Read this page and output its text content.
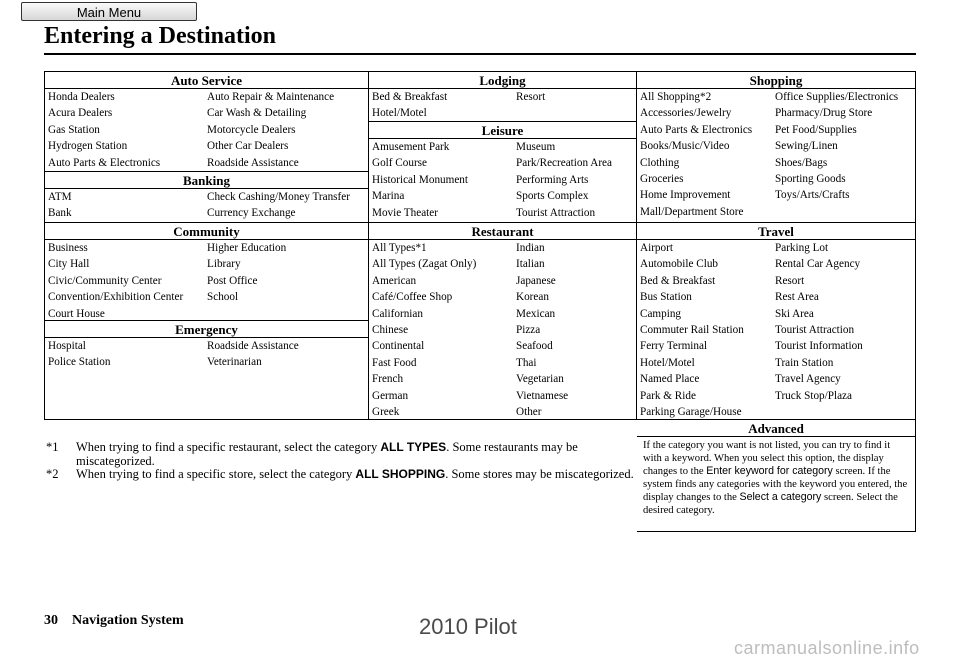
Main Menu
Entering a Destination
Auto Service
Honda Dealers	Auto Repair & Maintenance
Acura Dealers	Car Wash & Detailing
Gas Station	Motorcycle Dealers
Hydrogen Station	Other Car Dealers
Auto Parts & Electronics	Roadside Assistance
Banking
ATM	Check Cashing/Money Transfer
Bank	Currency Exchange
Community
Business	Higher Education
City Hall	Library
Civic/Community Center	Post Office
Convention/Exhibition Center	School
Court House

Emergency
Hospital	Roadside Assistance
Police Station	Veterinarian
Lodging
Bed & Breakfast	Resort
Hotel/Motel

Leisure
Amusement Park	Museum
Golf Course	Park/Recreation Area
Historical Monument	Performing Arts
Marina	Sports Complex
Movie Theater	Tourist Attraction
Restaurant
All Types*1	Indian
All Types (Zagat Only)	Italian
American	Japanese
Café/Coffee Shop	Korean
Californian	Mexican
Chinese	Pizza
Continental	Seafood
Fast Food	Thai
French	Vegetarian
German	Vietnamese
Greek	Other
Shopping
All Shopping*2	Office Supplies/Electronics
Accessories/Jewelry	Pharmacy/Drug Store
Auto Parts & Electronics	Pet Food/Supplies
Books/Music/Video	Sewing/Linen
Clothing	Shoes/Bags
Groceries	Sporting Goods
Home Improvement	Toys/Arts/Crafts
Mall/Department Store

Travel
Airport	Parking Lot
Automobile Club	Rental Car Agency
Bed & Breakfast	Resort
Bus Station	Rest Area
Camping	Ski Area
Commuter Rail Station	Tourist Attraction
Ferry Terminal	Tourist Information
Hotel/Motel	Train Station
Named Place	Travel Agency
Park & Ride	Truck Stop/Plaza
Parking Garage/House

Advanced
If the category you want is not listed, you can try to find it with a keyword. When you select this option, the display changes to the Enter keyword for category screen. If the system finds any categories with the keyword you entered, the display changes to the Select a category screen. Select the desired category.
*1 When trying to find a specific restaurant, select the category ALL TYPES. Some restaurants may be miscategorized.
*2 When trying to find a specific store, select the category ALL SHOPPING. Some stores may be miscategorized.
30 Navigation System	2010 Pilot
carmanualsonline.info
